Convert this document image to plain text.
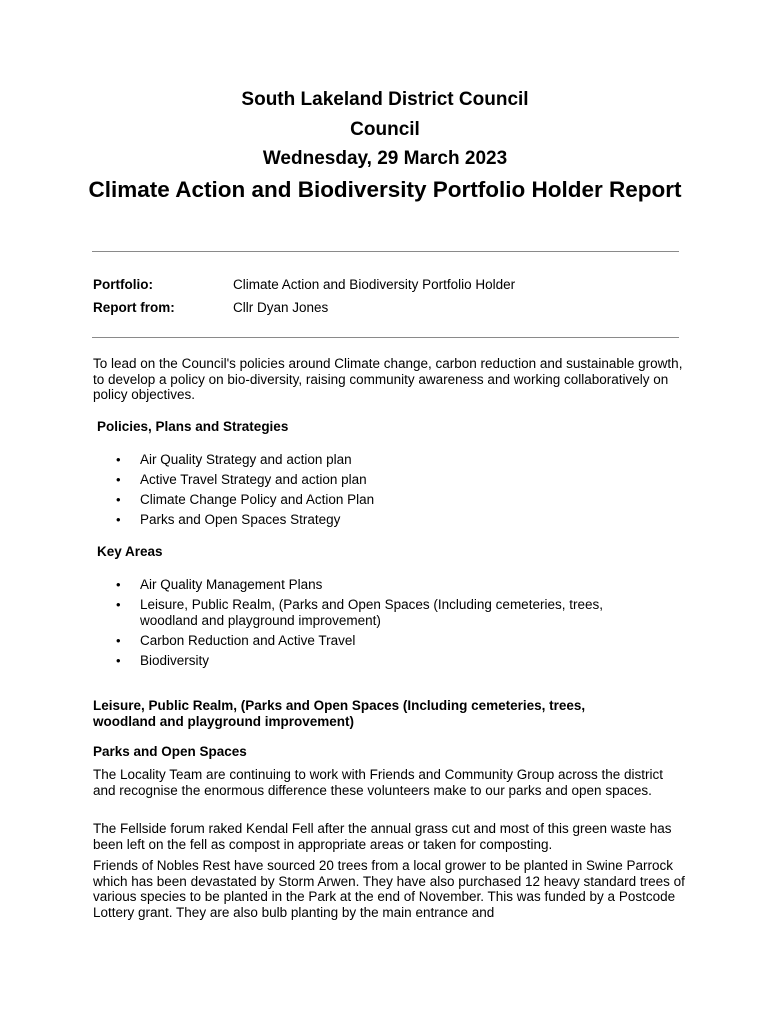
South Lakeland District Council
Council
Wednesday, 29 March 2023
Climate Action and Biodiversity Portfolio Holder Report
Portfolio:	Climate Action and Biodiversity Portfolio Holder
Report from:	Cllr Dyan Jones
To lead on the Council's policies around Climate change, carbon reduction and sustainable growth, to develop a policy on bio-diversity, raising community awareness and working collaboratively on policy objectives.
Policies, Plans and Strategies
• Air Quality Strategy and action plan
• Active Travel Strategy and action plan
• Climate Change Policy and Action Plan
• Parks and Open Spaces Strategy
Key Areas
• Air Quality Management Plans
• Leisure, Public Realm, (Parks and Open Spaces (Including cemeteries, trees, woodland and playground improvement)
• Carbon Reduction and Active Travel
• Biodiversity
Leisure, Public Realm, (Parks and Open Spaces (Including cemeteries, trees, woodland and playground improvement)
Parks and Open Spaces
The Locality Team are continuing to work with Friends and Community Group across the district and recognise the enormous difference these volunteers make to our parks and open spaces.
The Fellside forum raked Kendal Fell after the annual grass cut and most of this green waste has been left on the fell as compost in appropriate areas or taken for composting.
Friends of Nobles Rest have sourced 20 trees from a local grower to be planted in Swine Parrock which has been devastated by Storm Arwen. They have also purchased 12 heavy standard trees of various species to be planted in the Park at the end of November. This was funded by a Postcode Lottery grant. They are also bulb planting by the main entrance and
